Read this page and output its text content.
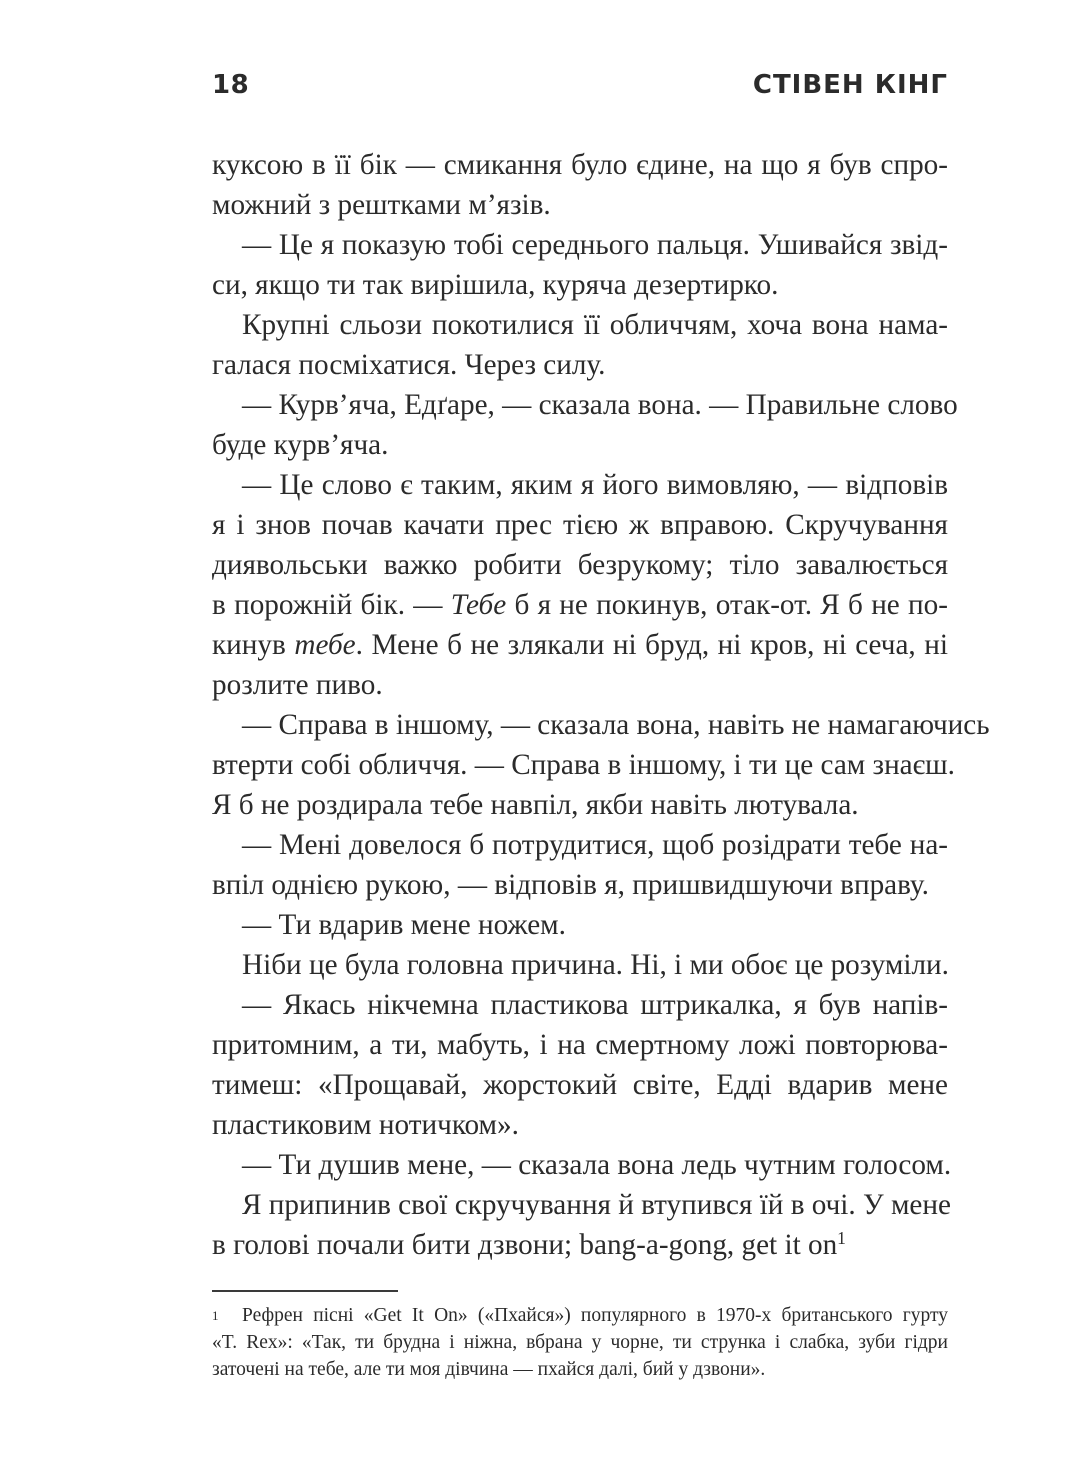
18	СТІВЕН КІНГ
куксою в її бік — смикання було єдине, на що я був спро-
можний з рештками м’язів.
— Це я показую тобі середнього пальця. Ушивайся звід-
си, якщо ти так вирішила, куряча дезертирко.
Крупні сльози покотилися її обличчям, хоча вона нама-
галася посміхатися. Через силу.
— Курв’яча, Едґаре, — сказала вона. — Правильне слово
буде курв’яча.
— Це слово є таким, яким я його вимовляю, — відповів
я і знов почав качати прес тією ж вправою. Скручування
диявольськи важко робити безрукому; тіло завалюється
в порожній бік. — Тебе б я не покинув, отак-от. Я б не по-
кинув тебе. Мене б не злякали ні бруд, ні кров, ні сеча, ні
розлите пиво.
— Справа в іншому, — сказала вона, навіть не намагаючись
втерти собі обличчя. — Справа в іншому, і ти це сам знаєш.
Я б не роздирала тебе навпіл, якби навіть лютувала.
— Мені довелося б потрудитися, щоб розідрати тебе на-
впіл однією рукою, — відповів я, пришвидшуючи вправу.
— Ти вдарив мене ножем.
Ніби це була головна причина. Ні, і ми обоє це розуміли.
— Якась нікчемна пластикова штрикалка, я був напів-
притомним, а ти, мабуть, і на смертному ложі повторюва-
тимеш: «Прощавай, жорстокий світе, Едді вдарив мене
пластиковим нотичком».
— Ти душив мене, — сказала вона ледь чутним голосом.
Я припинив свої скручування й втупився їй в очі. У мене
в голові почали бити дзвони; bang-a-gong, get it $on^1$
1 Рефрен пісні «Get It On» («Пхайся») популярного в 1970-х британського гурту
«T. Rex»: «Так, ти брудна і ніжна, вбрана у чорне, ти струнка і слабка, зуби гідри
заточені на тебе, але ти моя дівчина — пхайся далі, бий у дзвони».
